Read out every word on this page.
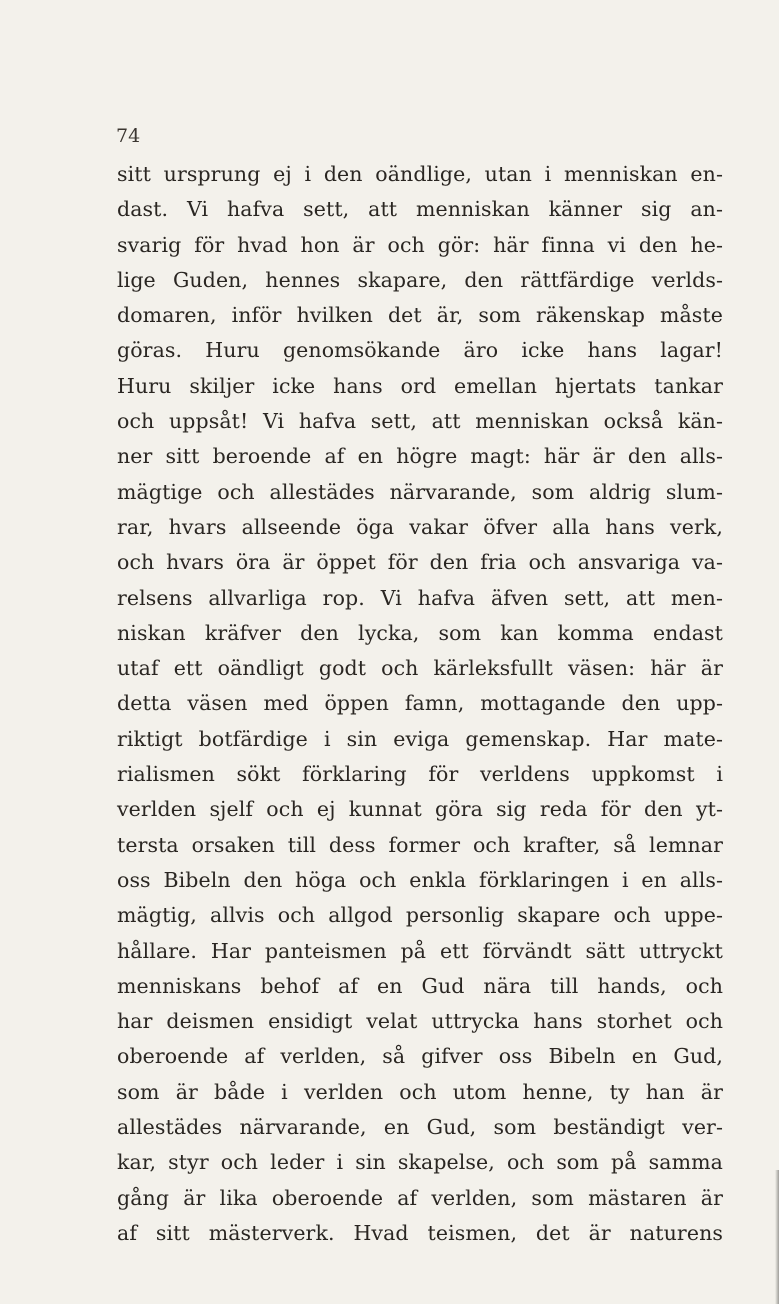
74
sitt ursprung ej i den oändlige, utan i menniskan en-
dast. Vi hafva sett, att menniskan känner sig an-
svarig för hvad hon är och gör: här finna vi den he-
lige Guden, hennes skapare, den rättfärdige verlds-
domaren, inför hvilken det är, som räkenskap måste
göras. Huru genomsökande äro icke hans lagar!
Huru skiljer icke hans ord emellan hjertats tankar
och uppsåt! Vi hafva sett, att menniskan också kän-
ner sitt beroende af en högre magt: här är den alls-
mägtige och allestädes närvarande, som aldrig slum-
rar, hvars allseende öga vakar öfver alla hans verk,
och hvars öra är öppet för den fria och ansvariga va-
relsens allvarliga rop. Vi hafva äfven sett, att men-
niskan kräfver den lycka, som kan komma endast
utaf ett oändligt godt och kärleksfullt väsen: här är
detta väsen med öppen famn, mottagande den upp-
riktigt botfärdige i sin eviga gemenskap. Har mate-
rialismen sökt förklaring för verldens uppkomst i
verlden sjelf och ej kunnat göra sig reda för den yt-
tersta orsaken till dess former och krafter, så lemnar
oss Bibeln den höga och enkla förklaringen i en alls-
mägtig, allvis och allgod personlig skapare och uppe-
hållare. Har panteismen på ett förvändt sätt uttryckt
menniskans behof af en Gud nära till hands, och
har deismen ensidigt velat uttrycka hans storhet och
oberoende af verlden, så gifver oss Bibeln en Gud,
som är både i verlden och utom henne, ty han är
allestädes närvarande, en Gud, som beständigt ver-
kar, styr och leder i sin skapelse, och som på samma
gång är lika oberoende af verlden, som mästaren är
af sitt mästerverk. Hvad teismen, det är naturens
